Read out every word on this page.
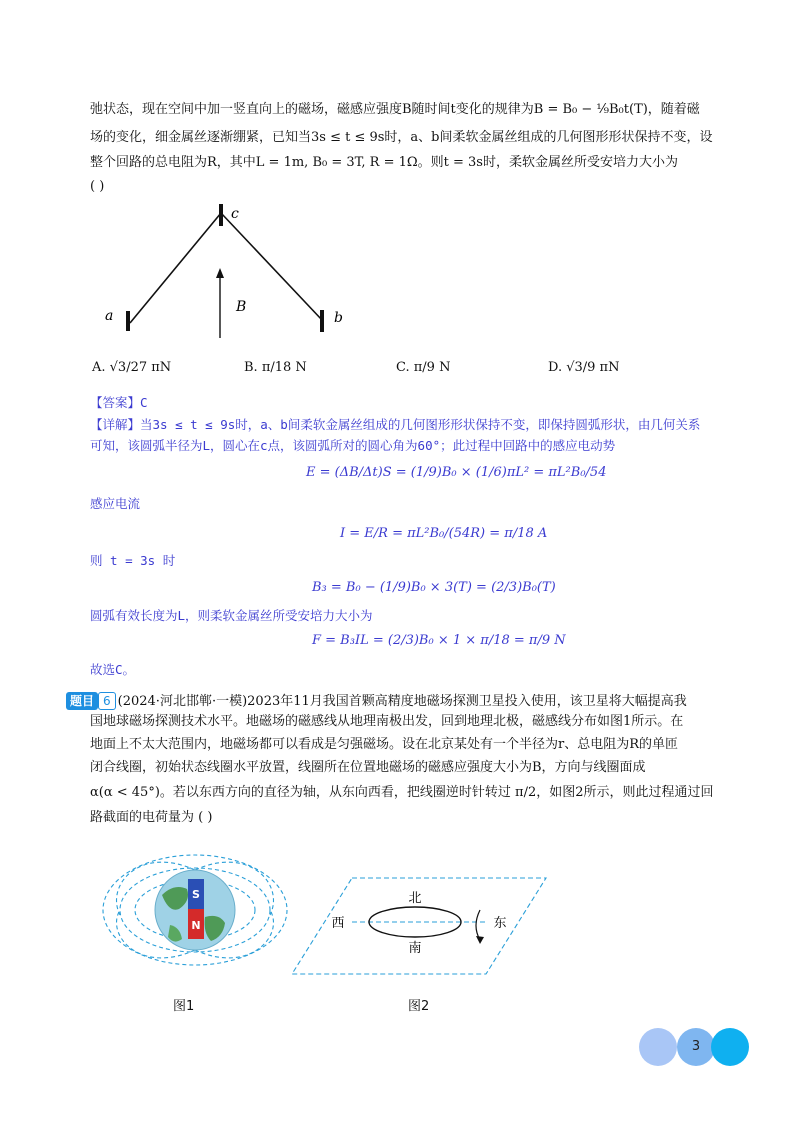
弛状态，现在空间中加一竖直向上的磁场，磁感应强度B随时间t变化的规律为B = B₀ − ¹⁄₉B₀t(T)，随着磁
场的变化，细金属丝逐渐绷紧，已知当3s ≤ t ≤ 9s时，a、b间柔软金属丝组成的几何图形形状保持不变，设
整个回路的总电阻为R，其中L = 1m, B₀ = 3T, R = 1Ω。则t = 3s时，柔软金属丝所受安培力大小为
( )
c
a	b
B
A. √3/27 πN	B. π/18 N	C. π/9 N	D. √3/9 πN
【答案】C
【详解】当3s ≤ t ≤ 9s时，a、b间柔软金属丝组成的几何图形形状保持不变，即保持圆弧形状，由几何关系
可知，该圆弧半径为L，圆心在c点，该圆弧所对的圆心角为60°；此过程中回路中的感应电动势
E = (ΔB/Δt)S = (1/9)B₀ × (1/6)πL² = πL²B₀/54
感应电流
I = E/R = πL²B₀/(54R) = π/18 A
则 t = 3s 时
B₃ = B₀ − (1/9)B₀ × 3(T) = (2/3)B₀(T)
圆弧有效长度为L，则柔软金属丝所受安培力大小为
F = B₃IL = (2/3)B₀ × 1 × π/18 = π/9 N
故选C。
题目 6 (2024·河北邯郸·一模)2023年11月我国首颗高精度地磁场探测卫星投入使用，该卫星将大幅提高我
国地球磁场探测技术水平。地磁场的磁感线从地理南极出发，回到地理北极，磁感线分布如图1所示。在
地面上不太大范围内，地磁场都可以看成是匀强磁场。设在北京某处有一个半径为r、总电阻为R的单匝
闭合线圈，初始状态线圈水平放置，线圈所在位置地磁场的磁感应强度大小为B，方向与线圈面成
α(α < 45°)。若以东西方向的直径为轴，从东向西看，把线圈逆时针转过 π/2，如图2所示，则此过程通过回
路截面的电荷量为 ( )
S
N
图1
北
南
西	东
图2
3
